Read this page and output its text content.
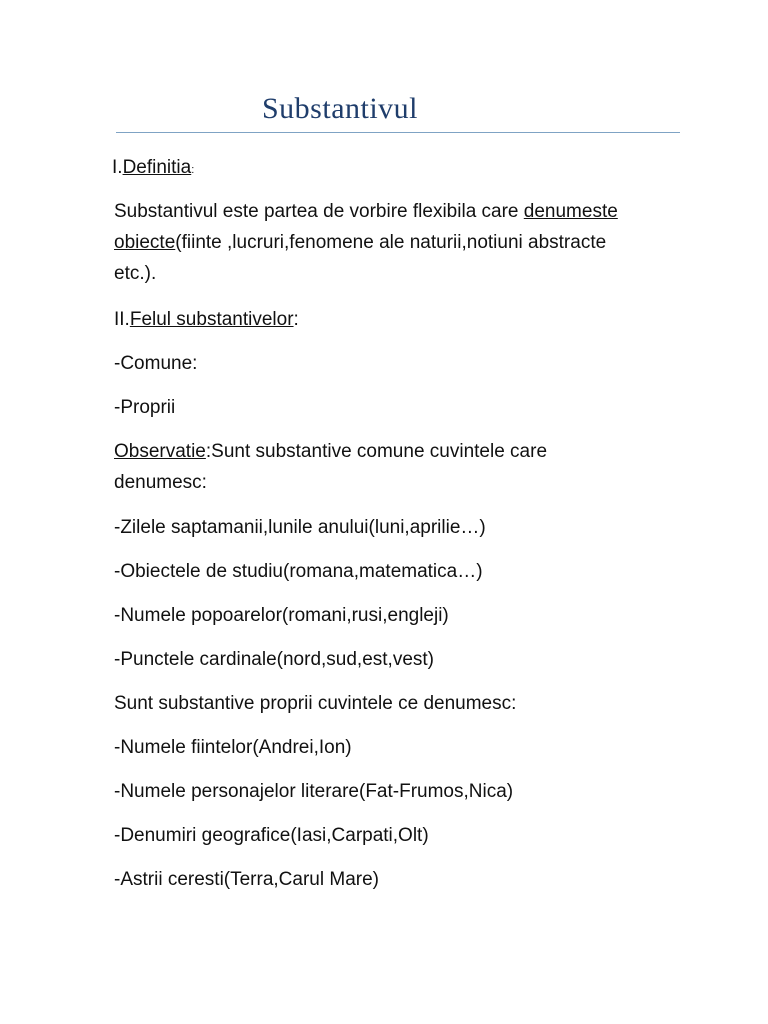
Substantivul
I.Definitia:
Substantivul este partea de vorbire flexibila care denumeste
obiecte(fiinte ,lucruri,fenomene ale naturii,notiuni abstracte
etc.).
II.Felul substantivelor:
-Comune:
-Proprii
Observatie:Sunt substantive comune cuvintele care
denumesc:
-Zilele saptamanii,lunile anului(luni,aprilie…)
-Obiectele de studiu(romana,matematica…)
-Numele popoarelor(romani,rusi,engleji)
-Punctele cardinale(nord,sud,est,vest)
Sunt substantive proprii cuvintele ce denumesc:
-Numele fiintelor(Andrei,Ion)
-Numele personajelor literare(Fat-Frumos,Nica)
-Denumiri geografice(Iasi,Carpati,Olt)
-Astrii ceresti(Terra,Carul Mare)
